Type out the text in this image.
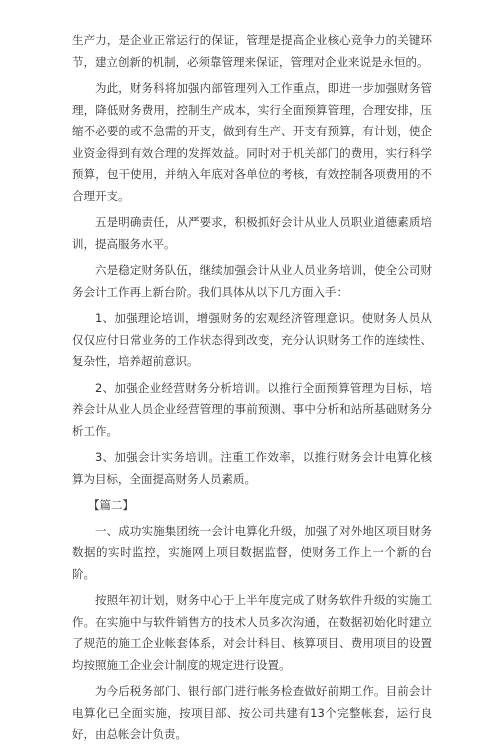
生产力，是企业正常运行的保证，管理是提高企业核心竞争力的关键环节，建立创新的机制，必须靠管理来保证，管理对企业来说是永恒的。

为此，财务科将加强内部管理列入工作重点，即进一步加强财务管理，降低财务费用，控制生产成本，实行全面预算管理，合理安排，压缩不必要的或不急需的开支，做到有生产、开支有预算，有计划，使企业资金得到有效合理的发挥效益。同时对于机关部门的费用，实行科学预算，包干使用，并纳入年底对各单位的考核，有效控制各项费用的不合理开支。

五是明确责任，从严要求，积极抓好会计从业人员职业道德素质培训，提高服务水平。

六是稳定财务队伍，继续加强会计从业人员业务培训，使全公司财务会计工作再上新台阶。我们具体从以下几方面入手：

1、加强理论培训，增强财务的宏观经济管理意识。使财务人员从仅仅应付日常业务的工作状态得到改变，充分认识财务工作的连续性、复杂性，培养超前意识。

2、加强企业经营财务分析培训。以推行全面预算管理为目标，培养会计从业人员企业经营管理的事前预测、事中分析和站所基础财务分析工作。

3、加强会计实务培训。注重工作效率，以推行财务会计电算化核算为目标，全面提高财务人员素质。

【篇二】

一、成功实施集团统一会计电算化升级，加强了对外地区项目财务数据的实时监控，实施网上项目数据监督，使财务工作上一个新的台阶。

按照年初计划，财务中心于上半年度完成了财务软件升级的实施工作。在实施中与软件销售方的技术人员多次沟通，在数据初始化时建立了规范的施工企业帐套体系，对会计科目、核算项目、费用项目的设置均按照施工企业会计制度的规定进行设置。

为今后税务部门、银行部门进行帐务检查做好前期工作。目前会计电算化已全面实施，按项目部、按公司共建有13个完整帐套，运行良好，由总帐会计负责。
